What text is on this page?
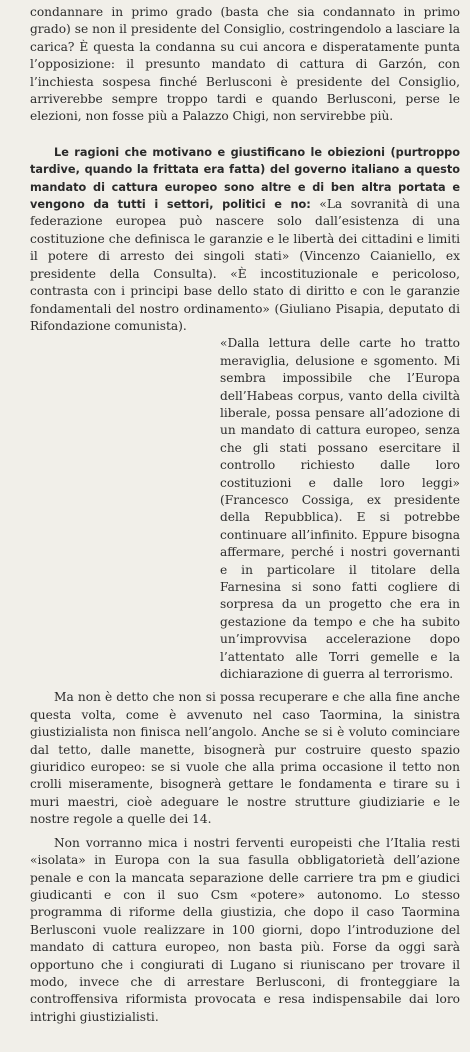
condannare in primo grado (basta che sia condannato in primo grado) se non il presidente del Consiglio, costringendolo a lasciare la carica? È questa la condanna su cui ancora e disperatamente punta l’opposizione: il presunto mandato di cattura di Garzón, con l’inchiesta sospesa finché Berlusconi è presidente del Consiglio, arriverebbe sempre troppo tardi e quando Berlusconi, perse le elezioni, non fosse più a Palazzo Chigi, non servirebbe più.

Le ragioni che motivano e giustificano le obiezioni (purtroppo tardive, quando la frittata era fatta) del governo italiano a questo mandato di cattura europeo sono altre e di ben altra portata e vengono da tutti i settori, politici e no: «La sovranità di una federazione europea può nascere solo dall’esistenza di una costituzione che definisca le garanzie e le libertà dei cittadini e limiti il potere di arresto dei singoli stati» (Vincenzo Caianiello, ex presidente della Consulta). «È incostituzionale e pericoloso, contrasta con i principi base dello stato di diritto e con le garanzie fondamentali del nostro ordinamento» (Giuliano Pisapia, deputato di Rifondazione comunista).

«Dalla lettura delle carte ho tratto meraviglia, delusione e sgomento. Mi sembra impossibile che l’Europa dell’Habeas corpus, vanto della civiltà liberale, possa pensare all’adozione di un mandato di cattura europeo, senza che gli stati possano esercitare il controllo richiesto dalle loro costituzioni e dalle loro leggi» (Francesco Cossiga, ex presidente della Repubblica). E si potrebbe continuare all’infinito. Eppure bisogna affermare, perché i nostri governanti e in particolare il titolare della Farnesina si sono fatti cogliere di sorpresa da un progetto che era in gestazione da tempo e che ha subito un’improvvisa accelerazione dopo l’attentato alle Torri gemelle e la dichiarazione di guerra al terrorismo.

Ma non è detto che non si possa recuperare e che alla fine anche questa volta, come è avvenuto nel caso Taormina, la sinistra giustizialista non finisca nell’angolo. Anche se si è voluto cominciare dal tetto, dalle manette, bisognerà pur costruire questo spazio giuridico europeo: se si vuole che alla prima occasione il tetto non crolli miseramente, bisognerà gettare le fondamenta e tirare su i muri maestri, cioè adeguare le nostre strutture giudiziarie e le nostre regole a quelle dei 14.

Non vorranno mica i nostri ferventi europeisti che l’Italia resti «isolata» in Europa con la sua fasulla obbligatorietà dell’azione penale e con la mancata separazione delle carriere tra pm e giudici giudicanti e con il suo Csm «potere» autonomo. Lo stesso programma di riforme della giustizia, che dopo il caso Taormina Berlusconi vuole realizzare in 100 giorni, dopo l’introduzione del mandato di cattura europeo, non basta più. Forse da oggi sarà opportuno che i congiurati di Lugano si riuniscano per trovare il modo, invece che di arrestare Berlusconi, di fronteggiare la controffensiva riformista provocata e resa indispensabile dai loro intrighi giustizialisti.
